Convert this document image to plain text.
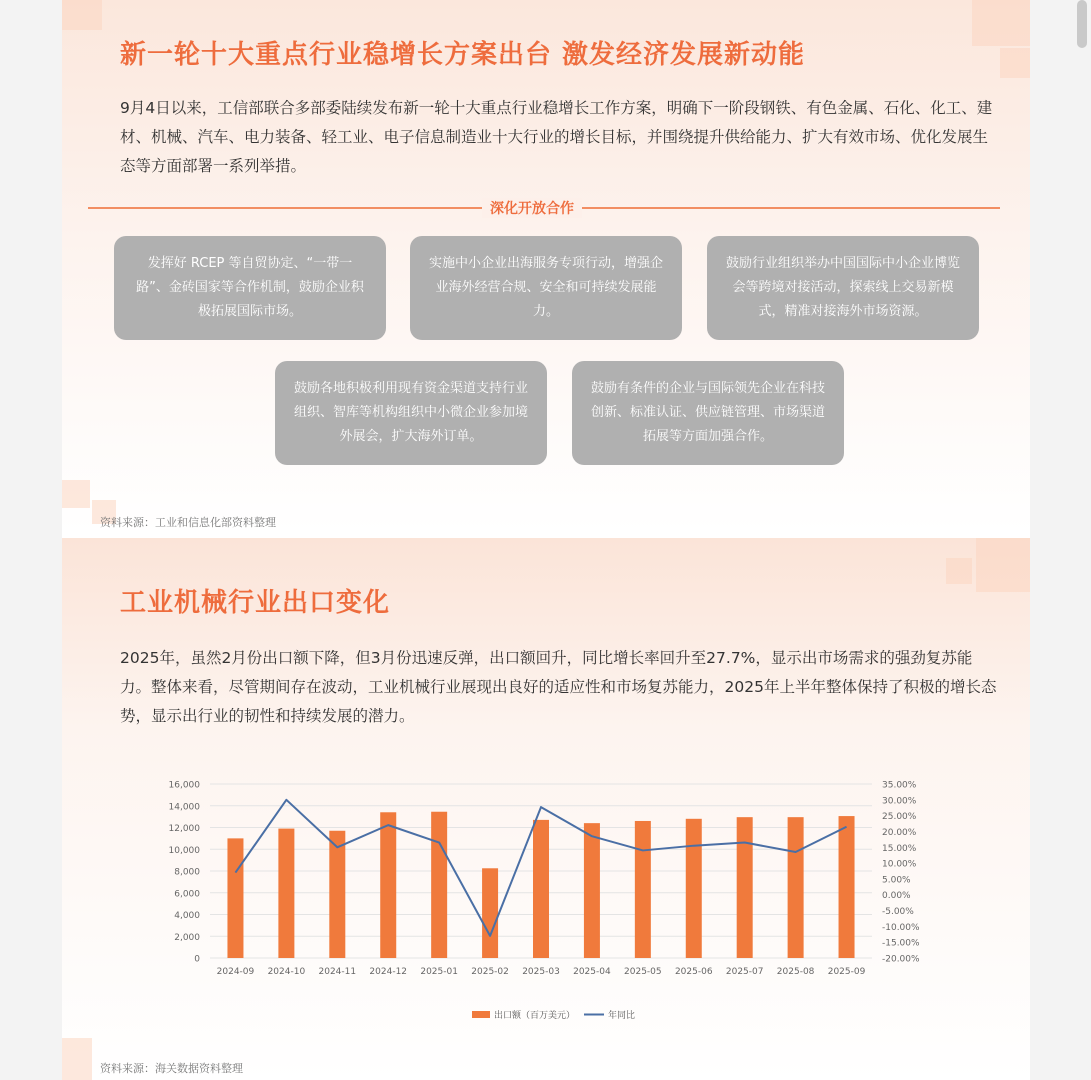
新一轮十大重点行业稳增长方案出台 激发经济发展新动能

9月4日以来，工信部联合多部委陆续发布新一轮十大重点行业稳增长工作方案，明确下一阶段钢铁、有色金属、石化、化工、建材、机械、汽车、电力装备、轻工业、电子信息制造业十大行业的增长目标，并围绕提升供给能力、扩大有效市场、优化发展生态等方面部署一系列举措。

深化开放合作
发挥好 RCEP 等自贸协定、“一带一路”、金砖国家等合作机制，鼓励企业积极拓展国际市场。
实施中小企业出海服务专项行动，增强企业海外经营合规、安全和可持续发展能力。
鼓励行业组织举办中国国际中小企业博览会等跨境对接活动，探索线上交易新模式，精准对接海外市场资源。
鼓励各地积极利用现有资金渠道支持行业组织、智库等机构组织中小微企业参加境外展会，扩大海外订单。
鼓励有条件的企业与国际领先企业在科技创新、标准认证、供应链管理、市场渠道拓展等方面加强合作。
资料来源：工业和信息化部资料整理
工业机械行业出口变化

2025年，虽然2月份出口额下降，但3月份迅速反弹，出口额回升，同比增长率回升至27.7%，显示出市场需求的强劲复苏能力。整体来看，尽管期间存在波动，工业机械行业展现出良好的适应性和市场复苏能力，2025年上半年整体保持了积极的增长态势，显示出行业的韧性和持续发展的潜力。

0
2,000
4,000
6,000
8,000
10,000
12,000
14,000
16,000
-20.00%
-15.00%
-10.00%
-5.00%
0.00%
5.00%
10.00%
15.00%
20.00%
25.00%
30.00%
35.00%
2024-09 2024-10 2024-11 2024-12 2025-01 2025-02 2025-03 2025-04 2025-05 2025-06 2025-07 2025-08 2025-09
出口额（百万美元）	年同比
资料来源：海关数据资料整理
